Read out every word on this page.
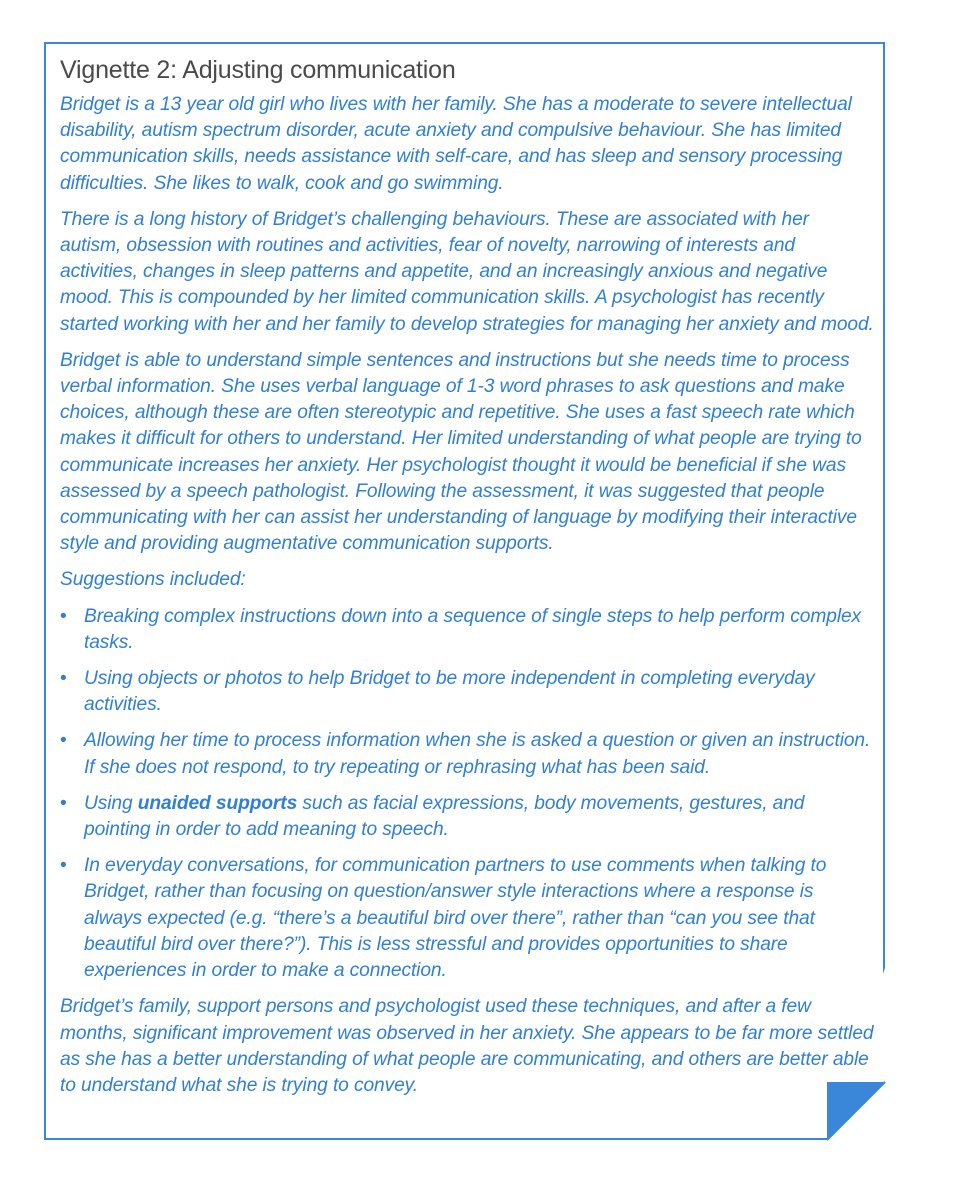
Vignette 2: Adjusting communication

Bridget is a 13 year old girl who lives with her family. She has a moderate to severe intellectual disability, autism spectrum disorder, acute anxiety and compulsive behaviour. She has limited communication skills, needs assistance with self-care, and has sleep and sensory processing difficulties. She likes to walk, cook and go swimming.

There is a long history of Bridget’s challenging behaviours. These are associated with her autism, obsession with routines and activities, fear of novelty, narrowing of interests and activities, changes in sleep patterns and appetite, and an increasingly anxious and negative mood. This is compounded by her limited communication skills. A psychologist has recently started working with her and her family to develop strategies for managing her anxiety and mood.

Bridget is able to understand simple sentences and instructions but she needs time to process verbal information. She uses verbal language of 1-3 word phrases to ask questions and make choices, although these are often stereotypic and repetitive. She uses a fast speech rate which makes it difficult for others to understand. Her limited understanding of what people are trying to communicate increases her anxiety. Her psychologist thought it would be beneficial if she was assessed by a speech pathologist. Following the assessment, it was suggested that people communicating with her can assist her understanding of language by modifying their interactive style and providing augmentative communication supports.

Suggestions included:

• Breaking complex instructions down into a sequence of single steps to help perform complex tasks.
• Using objects or photos to help Bridget to be more independent in completing everyday activities.
• Allowing her time to process information when she is asked a question or given an instruction. If she does not respond, to try repeating or rephrasing what has been said.
• Using unaided supports such as facial expressions, body movements, gestures, and pointing in order to add meaning to speech.
• In everyday conversations, for communication partners to use comments when talking to Bridget, rather than focusing on question/answer style interactions where a response is always expected (e.g. “there’s a beautiful bird over there”, rather than “can you see that beautiful bird over there?”). This is less stressful and provides opportunities to share experiences in order to make a connection.

Bridget’s family, support persons and psychologist used these techniques, and after a few months, significant improvement was observed in her anxiety. She appears to be far more settled as she has a better understanding of what people are communicating, and others are better able to understand what she is trying to convey.
